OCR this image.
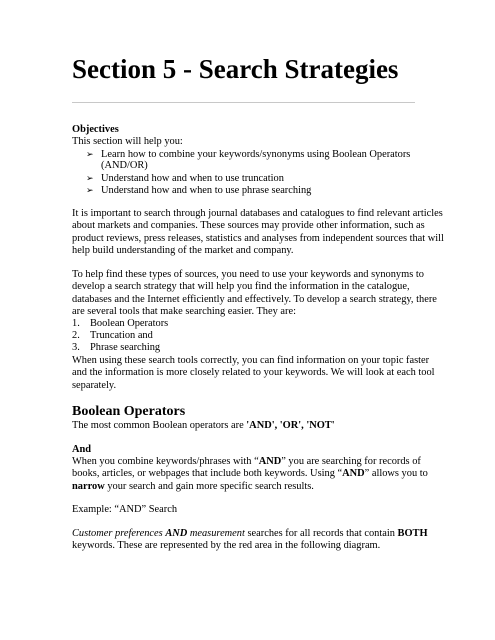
Section 5 - Search Strategies
Objectives
This section will help you:
➢ Learn how to combine your keywords/synonyms using Boolean Operators
(AND/OR)
➢ Understand how and when to use truncation
➢ Understand how and when to use phrase searching
It is important to search through journal databases and catalogues to find relevant articles
about markets and companies. These sources may provide other information, such as
product reviews, press releases, statistics and analyses from independent sources that will
help build understanding of the market and company.
To help find these types of sources, you need to use your keywords and synonyms to
develop a search strategy that will help you find the information in the catalogue,
databases and the Internet efficiently and effectively. To develop a search strategy, there
are several tools that make searching easier. They are:
1. Boolean Operators
2. Truncation and
3. Phrase searching
When using these search tools correctly, you can find information on your topic faster
and the information is more closely related to your keywords. We will look at each tool
separately.
Boolean Operators
The most common Boolean operators are 'AND', 'OR', 'NOT'
And
When you combine keywords/phrases with “AND” you are searching for records of
books, articles, or webpages that include both keywords. Using “AND” allows you to
narrow your search and gain more specific search results.
Example: “AND” Search
Customer preferences AND measurement searches for all records that contain BOTH
keywords. These are represented by the red area in the following diagram.
